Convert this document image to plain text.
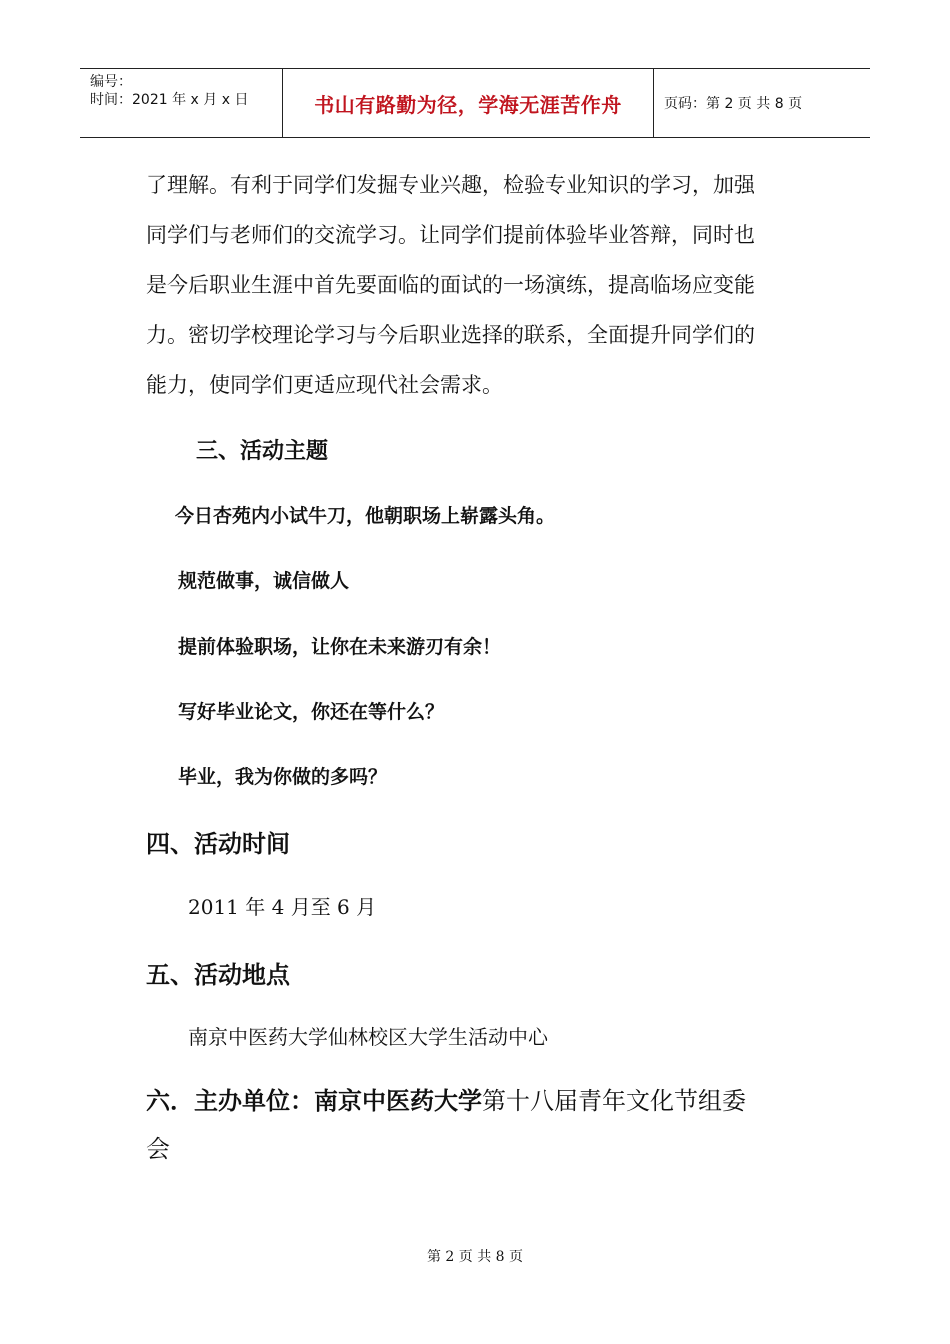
编号：
时间：2021 年 x 月 x 日	书山有路勤为径，学海无涯苦作舟	页码：第 2 页 共 8 页
了理解。有利于同学们发掘专业兴趣，检验专业知识的学习，加强
同学们与老师们的交流学习。让同学们提前体验毕业答辩，同时也
是今后职业生涯中首先要面临的面试的一场演练，提高临场应变能
力。密切学校理论学习与今后职业选择的联系，全面提升同学们的
能力，使同学们更适应现代社会需求。
三、活动主题
今日杏苑内小试牛刀，他朝职场上崭露头角。
规范做事，诚信做人
提前体验职场，让你在未来游刃有余！
写好毕业论文，你还在等什么？
毕业，我为你做的多吗？
四、活动时间
2011 年 4 月至 6 月
五、活动地点
南京中医药大学仙林校区大学生活动中心
六．主办单位：南京中医药大学第十八届青年文化节组委
会
第 2 页 共 8 页
